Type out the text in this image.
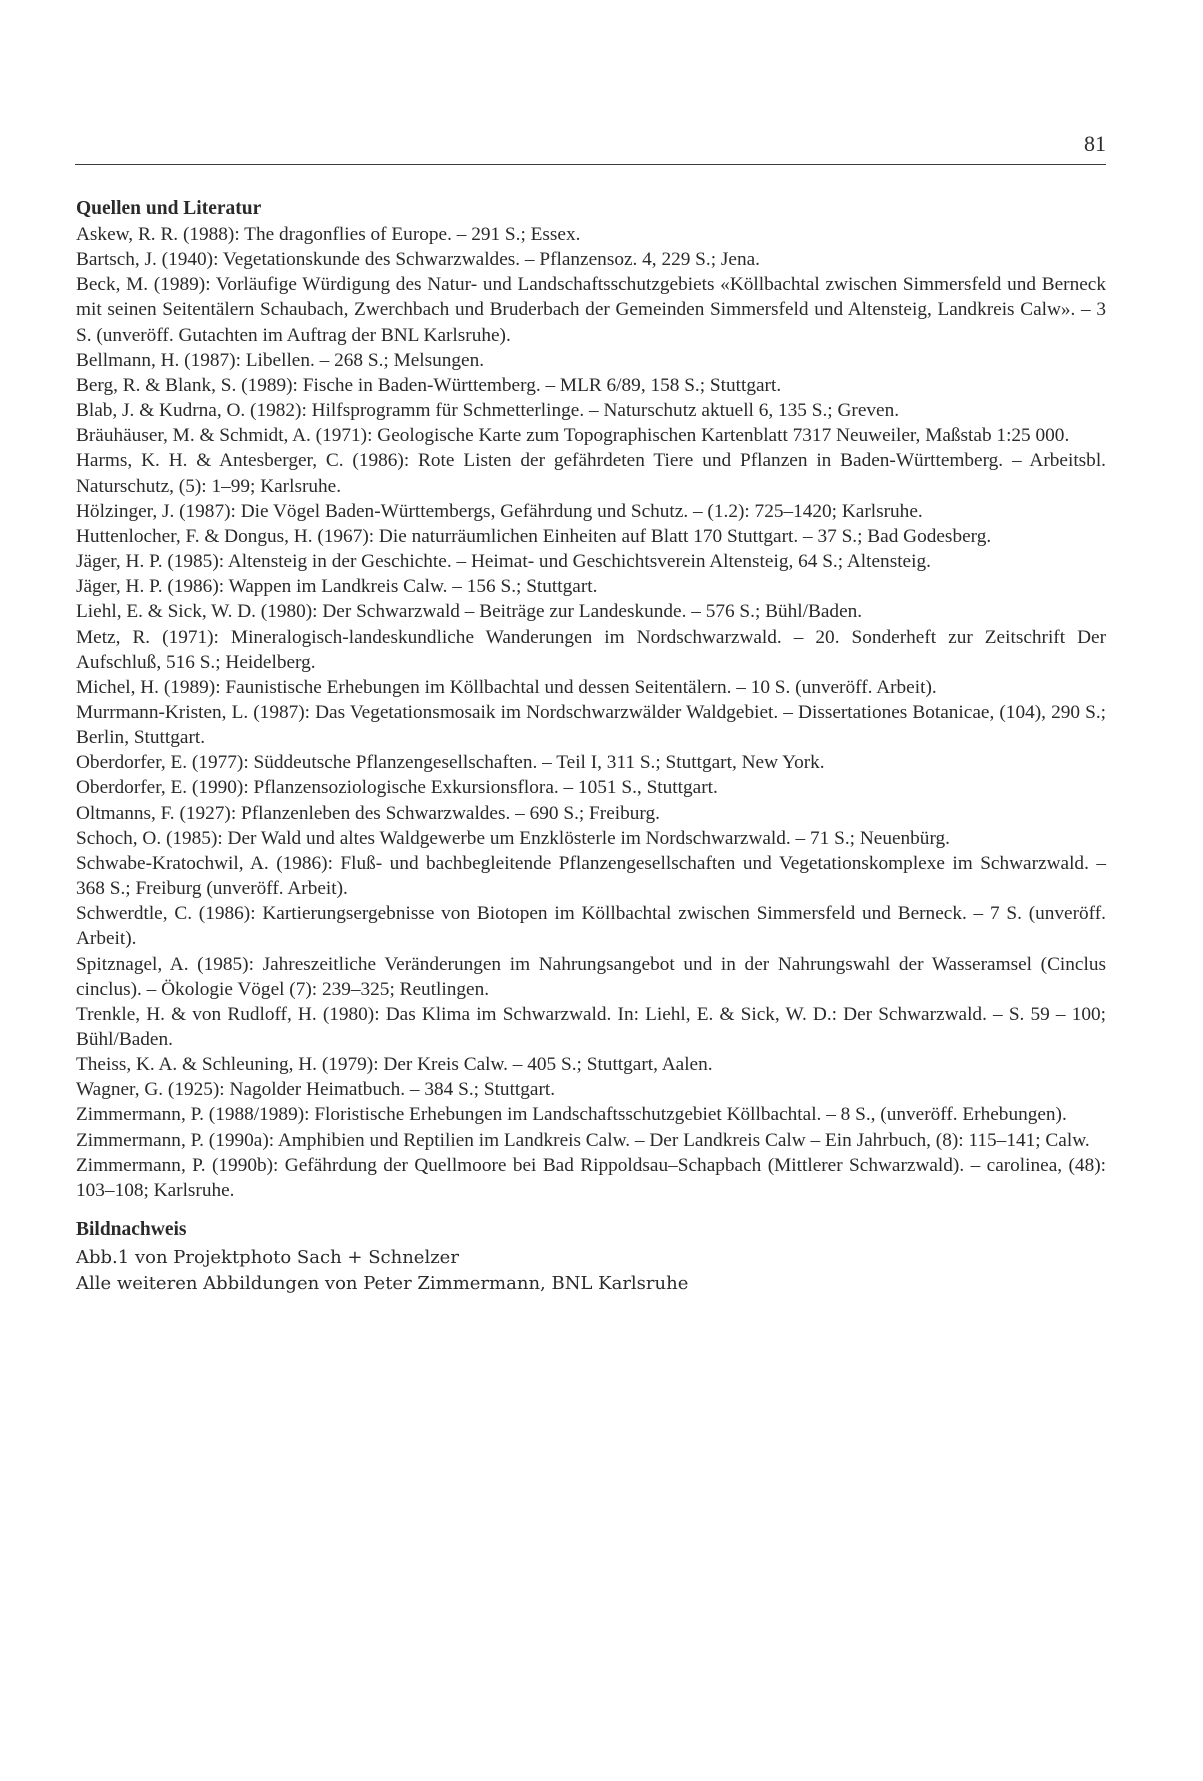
81
Quellen und Literatur

Askew, R. R. (1988): The dragonflies of Europe. – 291 S.; Essex.

Bartsch, J. (1940): Vegetationskunde des Schwarzwaldes. – Pflanzensoz. 4, 229 S.; Jena.

Beck, M. (1989): Vorläufige Würdigung des Natur- und Landschaftsschutzgebiets «Köllbachtal zwischen Simmersfeld und Berneck mit seinen Seitentälern Schaubach, Zwerchbach und Bruderbach der Gemeinden Simmersfeld und Altensteig, Landkreis Calw». – 3 S. (unveröff. Gutachten im Auftrag der BNL Karlsruhe).

Bellmann, H. (1987): Libellen. – 268 S.; Melsungen.

Berg, R. & Blank, S. (1989): Fische in Baden-Württemberg. – MLR 6/89, 158 S.; Stuttgart.

Blab, J. & Kudrna, O. (1982): Hilfsprogramm für Schmetterlinge. – Naturschutz aktuell 6, 135 S.; Greven.

Bräuhäuser, M. & Schmidt, A. (1971): Geologische Karte zum Topographischen Kartenblatt 7317 Neuweiler, Maßstab 1:25 000.

Harms, K. H. & Antesberger, C. (1986): Rote Listen der gefährdeten Tiere und Pflanzen in Baden-Württemberg. – Arbeitsbl. Naturschutz, (5): 1–99; Karlsruhe.

Hölzinger, J. (1987): Die Vögel Baden-Württembergs, Gefährdung und Schutz. – (1.2): 725–1420; Karlsruhe.

Huttenlocher, F. & Dongus, H. (1967): Die naturräumlichen Einheiten auf Blatt 170 Stuttgart. – 37 S.; Bad Godesberg.

Jäger, H. P. (1985): Altensteig in der Geschichte. – Heimat- und Geschichtsverein Altensteig, 64 S.; Altensteig.

Jäger, H. P. (1986): Wappen im Landkreis Calw. – 156 S.; Stuttgart.

Liehl, E. & Sick, W. D. (1980): Der Schwarzwald – Beiträge zur Landeskunde. – 576 S.; Bühl/Baden.

Metz, R. (1971): Mineralogisch-landeskundliche Wanderungen im Nordschwarzwald. – 20. Sonderheft zur Zeitschrift Der Aufschluß, 516 S.; Heidelberg.

Michel, H. (1989): Faunistische Erhebungen im Köllbachtal und dessen Seitentälern. – 10 S. (unveröff. Arbeit).

Murrmann-Kristen, L. (1987): Das Vegetationsmosaik im Nordschwarzwälder Waldgebiet. – Dissertationes Botanicae, (104), 290 S.; Berlin, Stuttgart.

Oberdorfer, E. (1977): Süddeutsche Pflanzengesellschaften. – Teil I, 311 S.; Stuttgart, New York.

Oberdorfer, E. (1990): Pflanzensoziologische Exkursionsflora. – 1051 S., Stuttgart.

Oltmanns, F. (1927): Pflanzenleben des Schwarzwaldes. – 690 S.; Freiburg.

Schoch, O. (1985): Der Wald und altes Waldgewerbe um Enzklösterle im Nordschwarzwald. – 71 S.; Neuenbürg.

Schwabe-Kratochwil, A. (1986): Fluß- und bachbegleitende Pflanzengesellschaften und Vegetationskomplexe im Schwarzwald. – 368 S.; Freiburg (unveröff. Arbeit).

Schwerdtle, C. (1986): Kartierungsergebnisse von Biotopen im Köllbachtal zwischen Simmersfeld und Berneck. – 7 S. (unveröff. Arbeit).

Spitznagel, A. (1985): Jahreszeitliche Veränderungen im Nahrungsangebot und in der Nahrungswahl der Wasseramsel (Cinclus cinclus). – Ökologie Vögel (7): 239–325; Reutlingen.

Trenkle, H. & von Rudloff, H. (1980): Das Klima im Schwarzwald. In: Liehl, E. & Sick, W. D.: Der Schwarzwald. – S. 59 – 100; Bühl/Baden.

Theiss, K. A. & Schleuning, H. (1979): Der Kreis Calw. – 405 S.; Stuttgart, Aalen.

Wagner, G. (1925): Nagolder Heimatbuch. – 384 S.; Stuttgart.

Zimmermann, P. (1988/1989): Floristische Erhebungen im Landschaftsschutzgebiet Köllbachtal. – 8 S., (unveröff. Erhebungen).

Zimmermann, P. (1990a): Amphibien und Reptilien im Landkreis Calw. – Der Landkreis Calw – Ein Jahrbuch, (8): 115–141; Calw.

Zimmermann, P. (1990b): Gefährdung der Quellmoore bei Bad Rippoldsau–Schapbach (Mittlerer Schwarzwald). – carolinea, (48): 103–108; Karlsruhe.

Bildnachweis

Abb.1 von Projektphoto Sach + Schnelzer

Alle weiteren Abbildungen von Peter Zimmermann, BNL Karlsruhe
